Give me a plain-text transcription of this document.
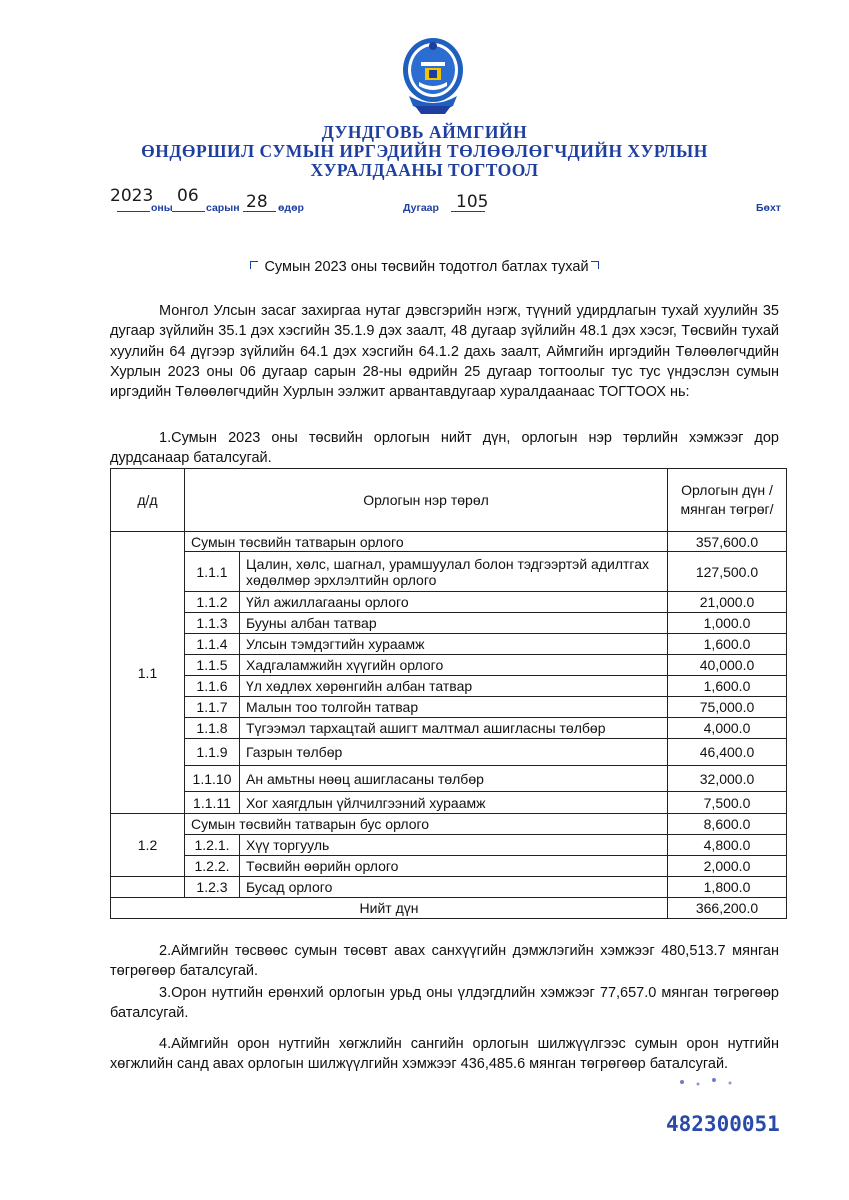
ДУНДГОВЬ АЙМГИЙН
ӨНДӨРШИЛ СУМЫН ИРГЭДИЙН ТӨЛӨӨЛӨГЧДИЙН ХУРЛЫН
ХУРАЛДААНЫ ТОГТООЛ
2023
оны
06
сарын 28 өдөр	Дугаар 105	Бөхт
Сумын 2023 оны төсвийн тодотгол батлах тухай
Монгол Улсын засаг захиргаа нутаг дэвсгэрийн нэгж, түүний удирдлагын тухай хуулийн 35 дугаар зүйлийн 35.1 дэх хэсгийн 35.1.9 дэх заалт, 48 дугаар зүйлийн 48.1 дэх хэсэг, Төсвийн тухай хуулийн 64 дүгээр зүйлийн 64.1 дэх хэсгийн 64.1.2 дахь заалт, Аймгийн иргэдийн Төлөөлөгчдийн Хурлын 2023 оны 06 дугаар сарын 28-ны өдрийн 25 дугаар тогтоолыг тус тус үндэслэн сумын иргэдийн Төлөөлөгчдийн Хурлын ээлжит арвантавдугаар хуралдаанаас ТОГТООХ нь:
1.Сумын 2023 оны төсвийн орлогын нийт дүн, орлогын нэр төрлийн хэмжээг дор дурдсанаар баталсугай.
д/д	Орлогын нэр төрөл		Орлогын дүн /мянган төгрөг/
1.1	Сумын төсвийн татварын орлого		357,600.0
	1.1.1	Цалин, хөлс, шагнал, урамшуулал болон тэдгээртэй адилтгах хөдөлмөр эрхлэлтийн орлого	127,500.0
	1.1.2	Үйл ажиллагааны орлого	21,000.0
	1.1.3	Бууны албан татвар	1,000.0
	1.1.4	Улсын тэмдэгтийн хураамж	1,600.0
	1.1.5	Хадгаламжийн хүүгийн орлого	40,000.0
	1.1.6	Үл хөдлөх хөрөнгийн албан татвар	1,600.0
	1.1.7	Малын тоо толгойн татвар	75,000.0
	1.1.8	Түгээмэл тархацтай ашигт малтмал ашигласны төлбөр	4,000.0
	1.1.9	Газрын төлбөр	46,400.0
	1.1.10	Ан амьтны нөөц ашигласаны төлбөр	32,000.0
	1.1.11	Хог хаягдлын үйлчилгээний хураамж	7,500.0
1.2	Сумын төсвийн татварын бус орлого		8,600.0
	1.2.1.	Хүү торгууль	4,800.0
	1.2.2.	Төсвийн өөрийн орлого	2,000.0
	1.2.3	Бусад орлого	1,800.0
Нийт дүн			366,200.0
2.Аймгийн төсвөөс сумын төсөвт авах санхүүгийн дэмжлэгийн хэмжээг 480,513.7 мянган төгрөгөөр баталсугай.
3.Орон нутгийн ерөнхий орлогын урьд оны үлдэгдлийн хэмжээг 77,657.0 мянган төгрөгөөр баталсугай.
4.Аймгийн орон нутгийн хөгжлийн сангийн орлогын шилжүүлгээс сумын орон нутгийн хөгжлийн санд авах орлогын шилжүүлгийн хэмжээг 436,485.6 мянган төгрөгөөр баталсугай.
482300051
